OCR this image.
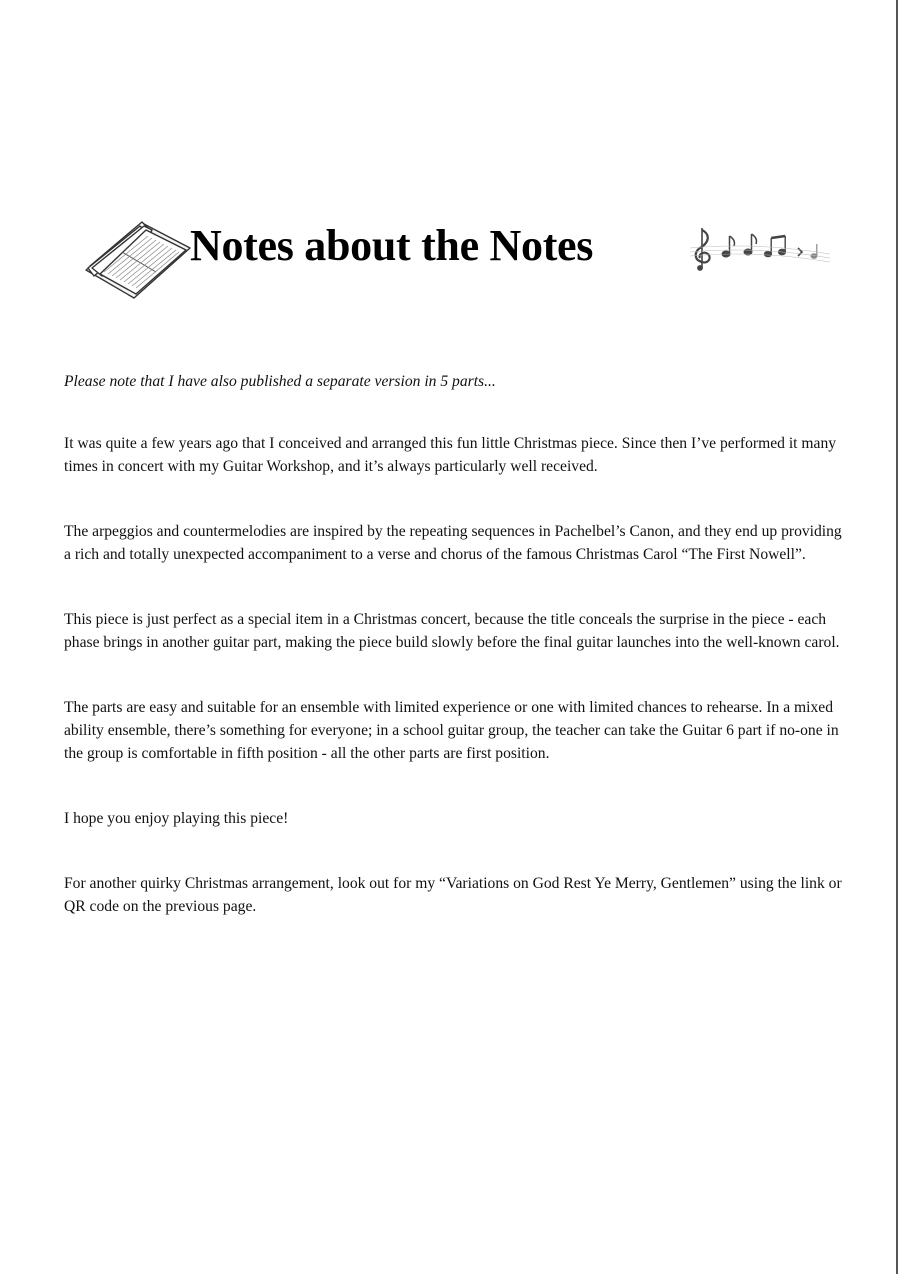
Notes about the Notes

Please note that I have also published a separate version in 5 parts...

It was quite a few years ago that I conceived and arranged this fun little Christmas piece. Since then I’ve performed it many times in concert with my Guitar Workshop, and it’s always particularly well received.

The arpeggios and countermelodies are inspired by the repeating sequences in Pachelbel’s Canon, and they end up providing a rich and totally unexpected accompaniment to a verse and chorus of the famous Christmas Carol “The First Nowell”.

This piece is just perfect as a special item in a Christmas concert, because the title conceals the surprise in the piece - each phase brings in another guitar part, making the piece build slowly before the final guitar launches into the well-known carol.

The parts are easy and suitable for an ensemble with limited experience or one with limited chances to rehearse. In a mixed ability ensemble, there’s something for everyone; in a school guitar group, the teacher can take the Guitar 6 part if no-one in the group is comfortable in fifth position - all the other parts are first position.

I hope you enjoy playing this piece!

For another quirky Christmas arrangement, look out for my “Variations on God Rest Ye Merry, Gentlemen” using the link or QR code on the previous page.
